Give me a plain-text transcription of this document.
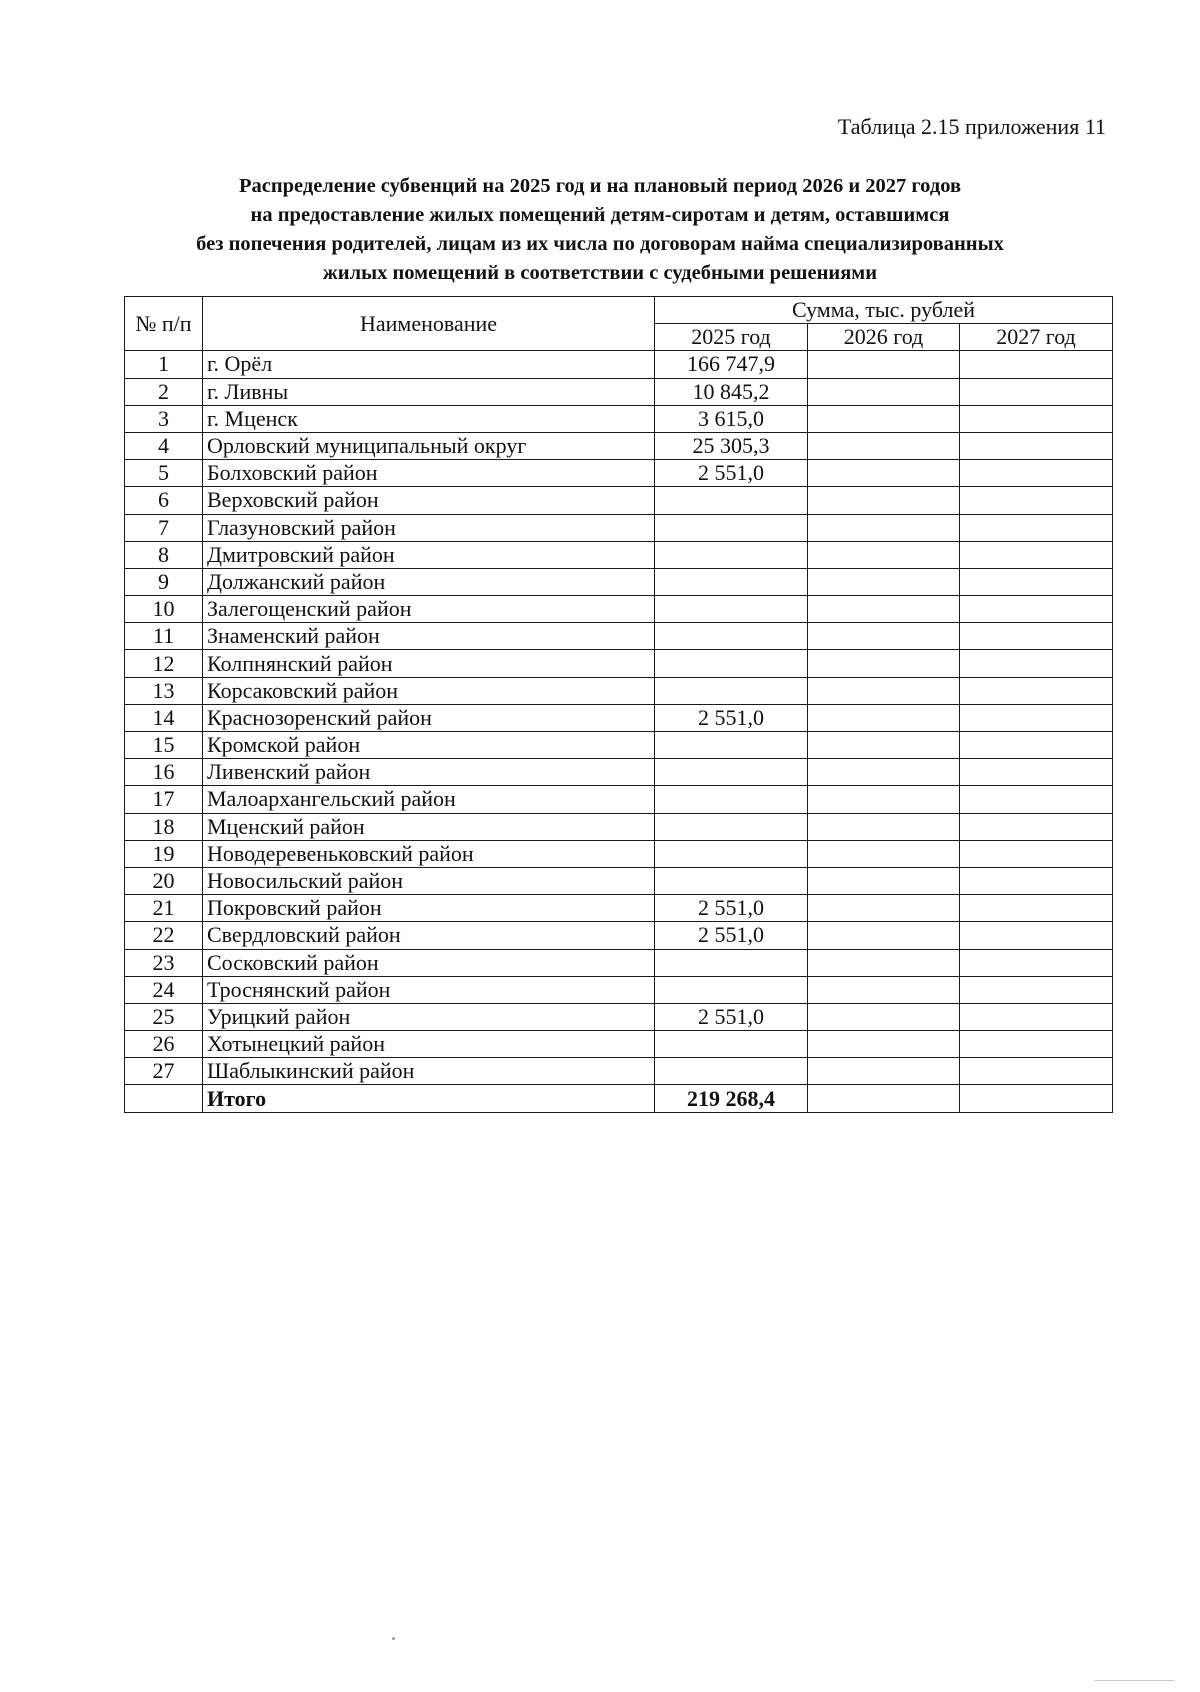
Таблица 2.15 приложения 11
Распределение субвенций на 2025 год и на плановый период 2026 и 2027 годов
на предоставление жилых помещений детям-сиротам и детям, оставшимся
без попечения родителей, лицам из их числа по договорам найма специализированных
жилых помещений в соответствии с судебными решениями
№ п/п	Наименование	Сумма, тыс. рублей		
		2025 год	2026 год	2027 год
1	г. Орёл	166 747,9		
2	г. Ливны	10 845,2		
3	г. Мценск	3 615,0		
4	Орловский муниципальный округ	25 305,3		
5	Болховский район	2 551,0		
6	Верховский район			
7	Глазуновский район			
8	Дмитровский район			
9	Должанский район			
10	Залегощенский район			
11	Знаменский район			
12	Колпнянский район			
13	Корсаковский район			
14	Краснозоренский район	2 551,0		
15	Кромской район			
16	Ливенский район			
17	Малоархангельский район			
18	Мценский район			
19	Новодеревеньковский район			
20	Новосильский район			
21	Покровский район	2 551,0		
22	Свердловский район	2 551,0		
23	Сосковский район			
24	Троснянский район			
25	Урицкий район	2 551,0		
26	Хотынецкий район			
27	Шаблыкинский район			
	Итого	219 268,4		
